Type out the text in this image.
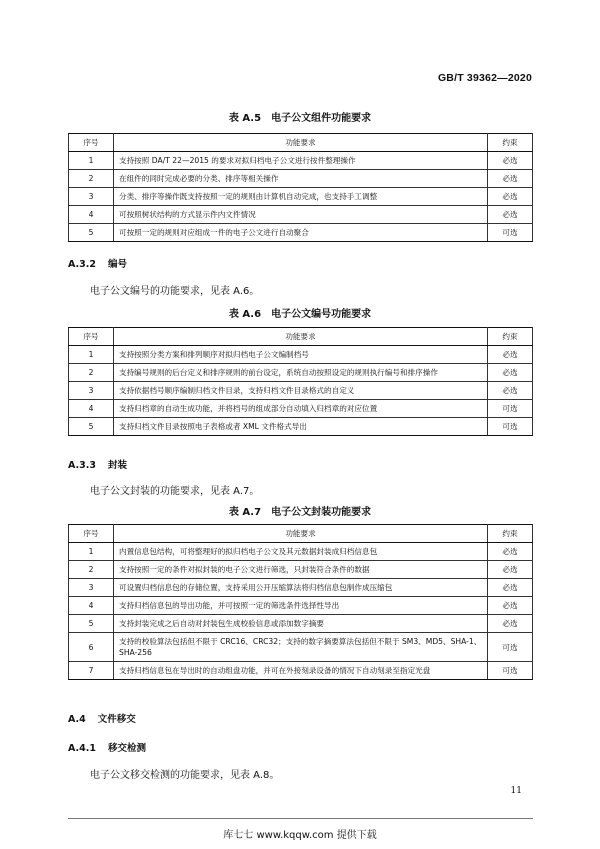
GB/T 39362—2020
表 A.5　电子公文组件功能要求
序号	功能要求	约束
1	支持按照 DA/T 22—2015 的要求对拟归档电子公文进行按件整理操作	必选
2	在组件的同时完成必要的分类、排序等相关操作	必选
3	分类、排序等操作既支持按照一定的规则由计算机自动完成，也支持手工调整	必选
4	可按照树状结构的方式显示件内文件情况	必选
5	可按照一定的规则对应组成一件的电子公文进行自动聚合	可选
A.3.2 编号
电子公文编号的功能要求，见表 A.6。
表 A.6　电子公文编号功能要求
序号	功能要求	约束
1	支持按照分类方案和排列顺序对拟归档电子公文编制档号	必选
2	支持编号规则的后台定义和排序规则的前台设定，系统自动按照设定的规则执行编号和排序操作	必选
3	支持依据档号顺序编制归档文件目录，支持归档文件目录格式的自定义	必选
4	支持归档章的自动生成功能，并将档号的组成部分自动填入归档章的对应位置	可选
5	支持归档文件目录按照电子表格或者 XML 文件格式导出	可选
A.3.3 封装
电子公文封装的功能要求，见表 A.7。
表 A.7　电子公文封装功能要求
序号	功能要求	约束
1	内置信息包结构，可将整理好的拟归档电子公文及其元数据封装成归档信息包	必选
2	支持按照一定的条件对拟封装的电子公文进行筛选，只封装符合条件的数据	必选
3	可设置归档信息包的存储位置，支持采用公开压缩算法将归档信息包制作成压缩包	必选
4	支持归档信息包的导出功能，并可按照一定的筛选条件选择性导出	必选
5	支持封装完成之后自动对封装包生成校验信息或添加数字摘要	必选
6	支持的校验算法包括但不限于 CRC16、CRC32；支持的数字摘要算法包括但不限于 SM3、MD5、SHA-1、SHA-256	可选
7	支持归档信息包在导出时的自动组盘功能，并可在外接刻录设备的情况下自动刻录至指定光盘	可选
A.4 文件移交
A.4.1 移交检测
电子公文移交检测的功能要求，见表 A.8。
11
库七七 www.kqqw.com 提供下载
